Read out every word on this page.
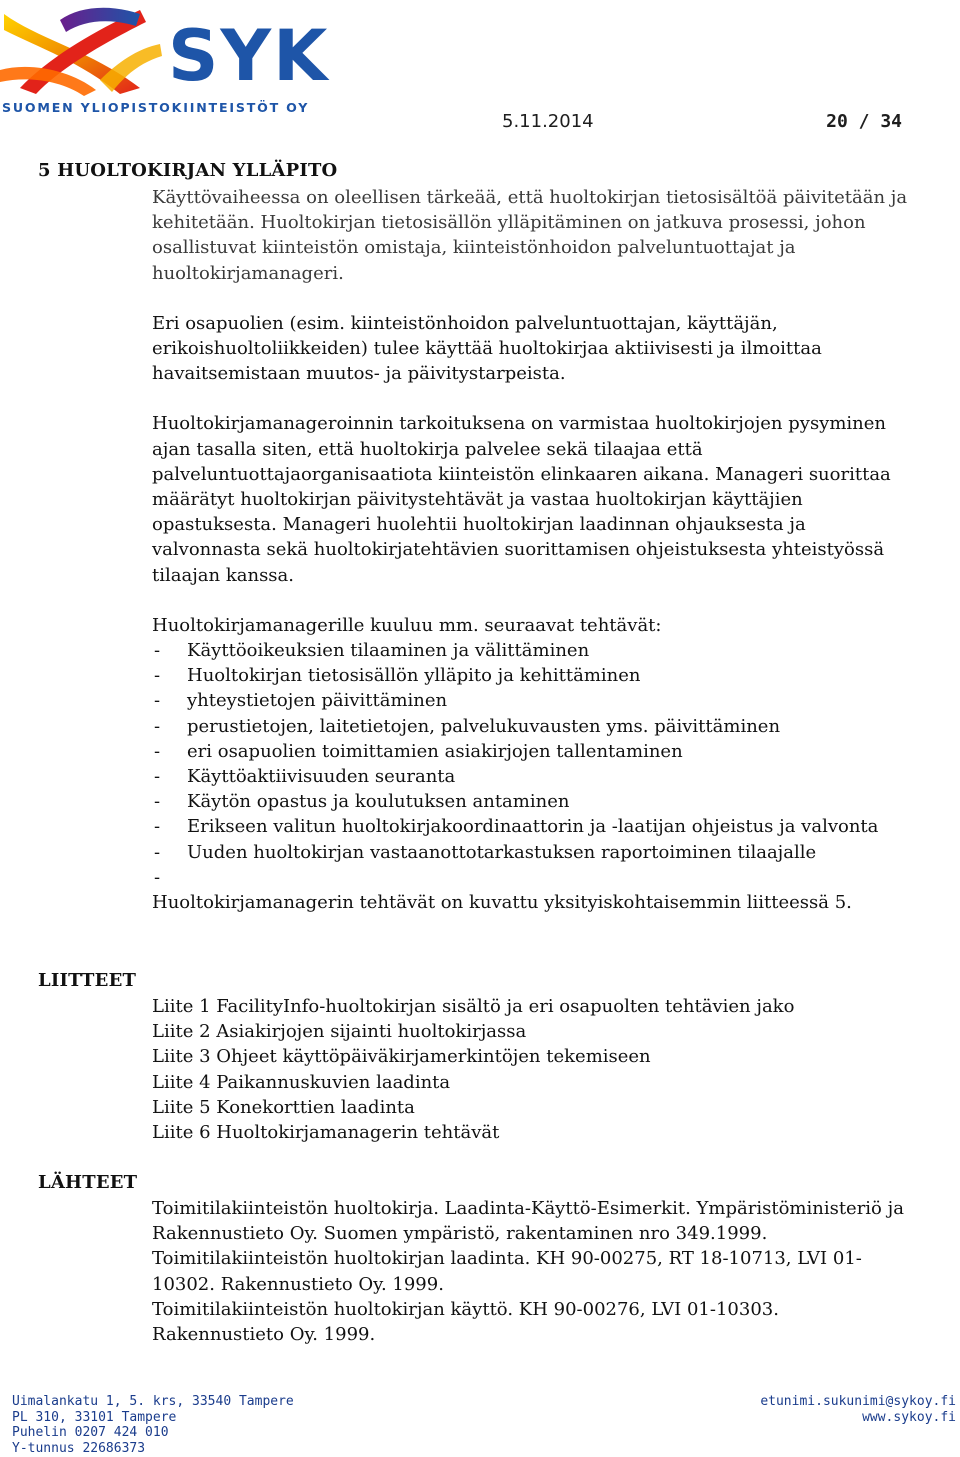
SYK
SUOMEN YLIOPISTOKIINTEISTÖT OY
5.11.2014	20 / 34
5 HUOLTOKIRJAN YLLÄPITO

Käyttövaiheessa on oleellisen tärkeää, että huoltokirjan tietosisältöä päivitetään ja kehitetään. Huoltokirjan tietosisällön ylläpitäminen on jatkuva prosessi, johon osallistuvat kiinteistön omistaja, kiinteistönhoidon palveluntuottajat ja huoltokirjamanageri.

Eri osapuolien (esim. kiinteistönhoidon palveluntuottajan, käyttäjän, erikoishuoltoliikkeiden) tulee käyttää huoltokirjaa aktiivisesti ja ilmoittaa havaitsemistaan muutos- ja päivitystarpeista.

Huoltokirjamanageroinnin tarkoituksena on varmistaa huoltokirjojen pysyminen ajan tasalla siten, että huoltokirja palvelee sekä tilaajaa että palveluntuottajaorganisaatiota kiinteistön elinkaaren aikana. Manageri suorittaa määrätyt huoltokirjan päivitystehtävät ja vastaa huoltokirjan käyttäjien opastuksesta. Manageri huolehtii huoltokirjan laadinnan ohjauksesta ja valvonnasta sekä huoltokirjatehtävien suorittamisen ohjeistuksesta yhteistyössä tilaajan kanssa.

Huoltokirjamanagerille kuuluu mm. seuraavat tehtävät:

- Käyttöoikeuksien tilaaminen ja välittäminen
- Huoltokirjan tietosisällön ylläpito ja kehittäminen
- yhteystietojen päivittäminen
- perustietojen, laitetietojen, palvelukuvausten yms. päivittäminen
- eri osapuolien toimittamien asiakirjojen tallentaminen
- Käyttöaktiivisuuden seuranta
- Käytön opastus ja koulutuksen antaminen
- Erikseen valitun huoltokirjakoordinaattorin ja -laatijan ohjeistus ja valvonta
- Uuden huoltokirjan vastaanottotarkastuksen raportoiminen tilaajalle
-

Huoltokirjamanagerin tehtävät on kuvattu yksityiskohtaisemmin liitteessä 5.

LIITTEET

Liite 1 FacilityInfo-huoltokirjan sisältö ja eri osapuolten tehtävien jako

Liite 2 Asiakirjojen sijainti huoltokirjassa

Liite 3 Ohjeet käyttöpäiväkirjamerkintöjen tekemiseen

Liite 4 Paikannuskuvien laadinta

Liite 5 Konekorttien laadinta

Liite 6 Huoltokirjamanagerin tehtävät

LÄHTEET

Toimitilakiinteistön huoltokirja. Laadinta-Käyttö-Esimerkit. Ympäristöministeriö ja Rakennustieto Oy. Suomen ympäristö, rakentaminen nro 349.1999.

Toimitilakiinteistön huoltokirjan laadinta. KH 90-00275, RT 18-10713, LVI 01-10302. Rakennustieto Oy. 1999.

Toimitilakiinteistön huoltokirjan käyttö. KH 90-00276, LVI 01-10303. Rakennustieto Oy. 1999.

Uimalankatu 1, 5. krs, 33540 Tampere
PL 310, 33101 Tampere
Puhelin 0207 424 010
Y-tunnus 22686373
etunimi.sukunimi@sykoy.fi
www.sykoy.fi
